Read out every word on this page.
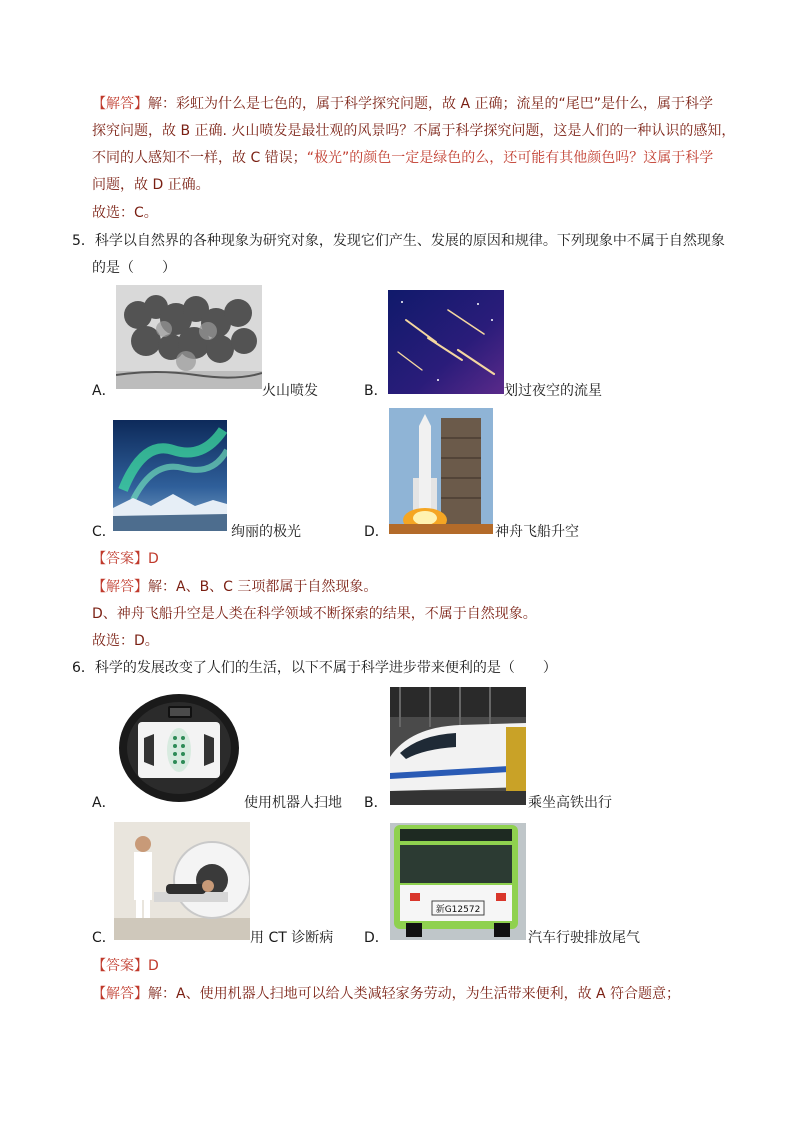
【解答】解：彩虹为什么是七色的，属于科学探究问题，故 A 正确；流星的“尾巴”是什么，属于科学
探究问题，故 B 正确. 火山喷发是最壮观的风景吗？不属于科学探究问题，这是人们的一种认识的感知，
不同的人感知不一样，故 C 错误；“极光”的颜色一定是绿色的么，还可能有其他颜色吗？这属于科学
问题，故 D 正确。
故选：C。
5．科学以自然界的各种现象为研究对象，发现它们产生、发展的原因和规律。下列现象中不属于自然现象
的是（　　）
A．	火山喷发	B．	划过夜空的流星
C．	绚丽的极光	D．	神舟飞船升空
【答案】D
【解答】解：A、B、C 三项都属于自然现象。
D、神舟飞船升空是人类在科学领域不断探索的结果，不属于自然现象。
故选：D。
6．科学的发展改变了人们的生活，以下不属于科学进步带来便利的是（　　）
A．	使用机器人扫地 B．	乘坐高铁出行
C．	用 CT 诊断病
新G12572
D．	汽车行驶排放尾气
【答案】D
【解答】解：A、使用机器人扫地可以给人类减轻家务劳动，为生活带来便利，故 A 符合题意；
